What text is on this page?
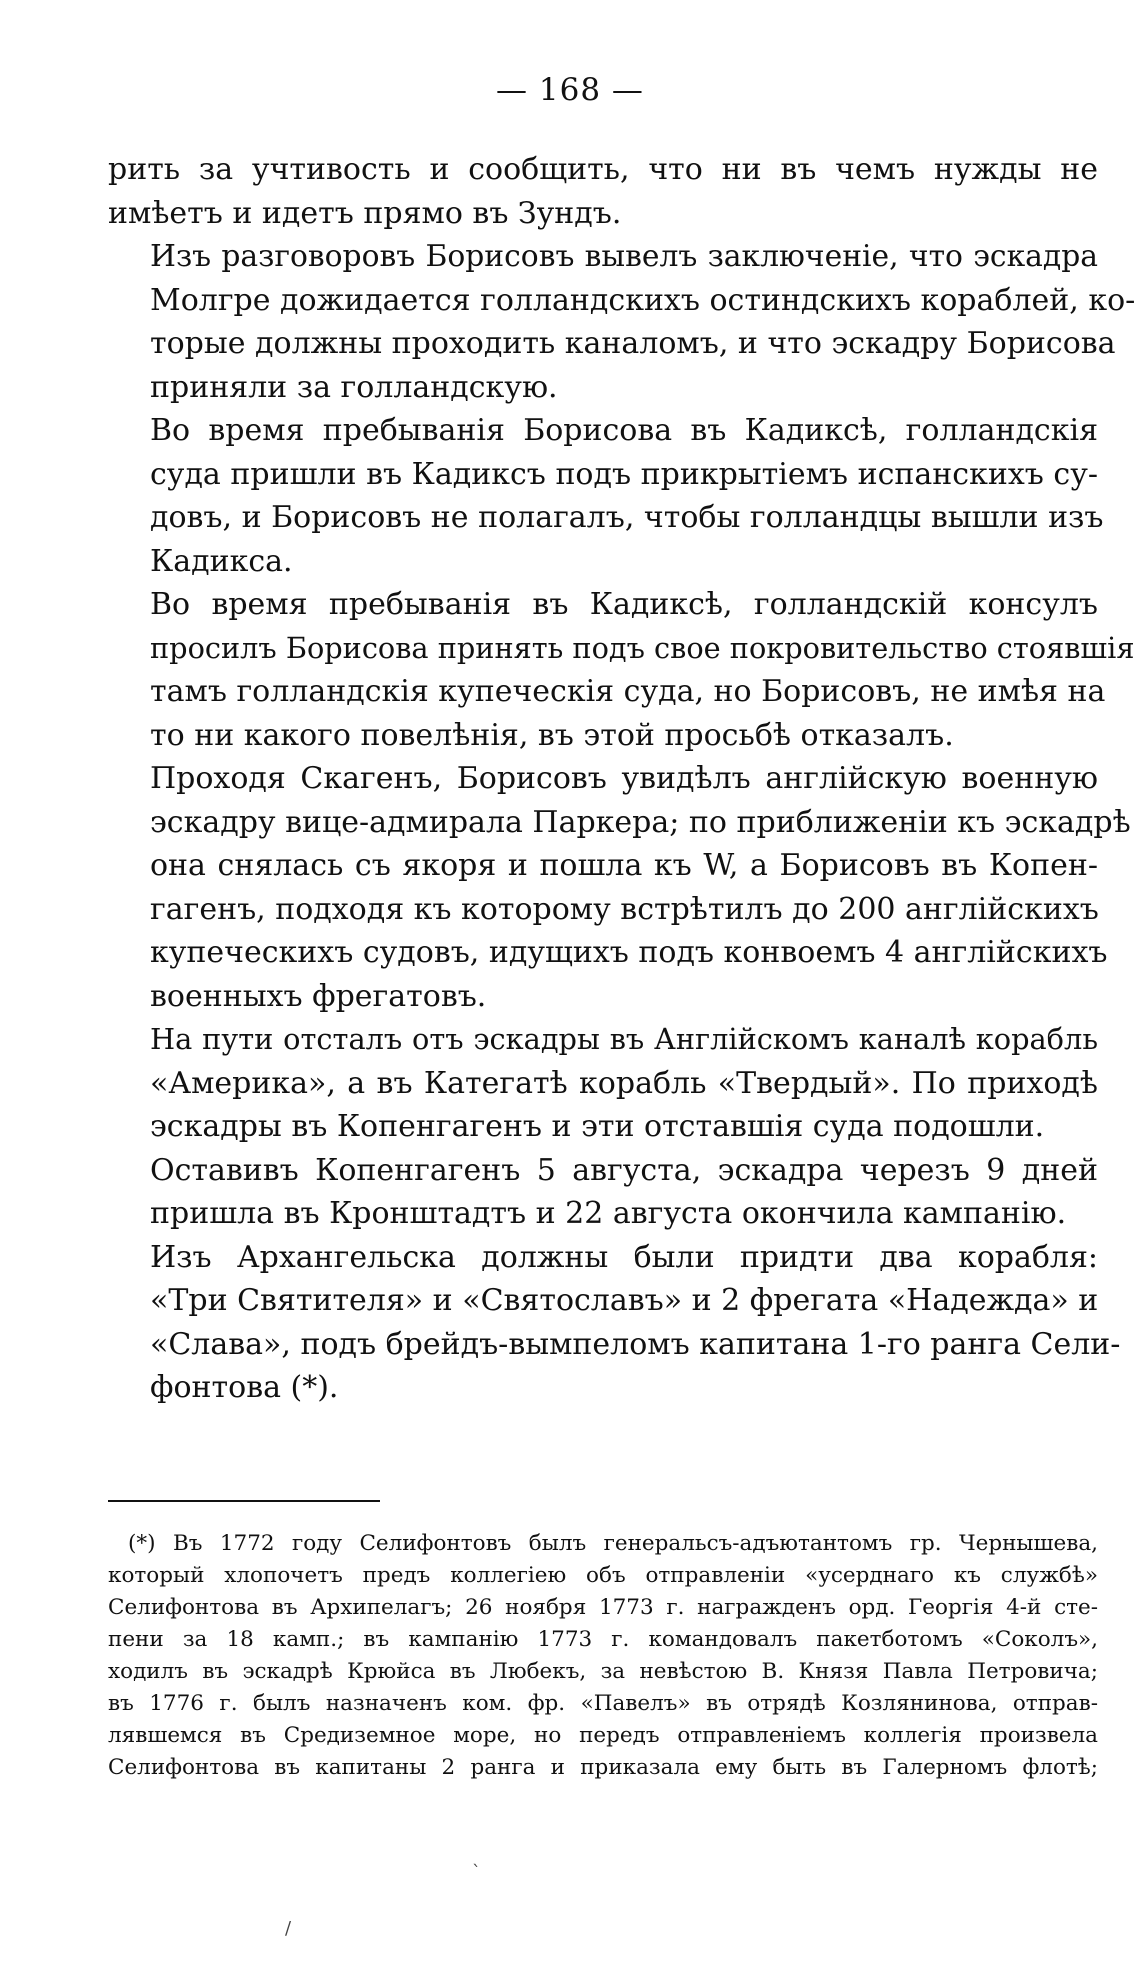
— 168 —

рить за учтивость и сообщить, что ни въ чемъ нужды не
имѣетъ и идетъ прямо въ Зундъ.

Изъ разговоровъ Борисовъ вывелъ заключеніе, что эскадра
Молгре дожидается голландскихъ остиндскихъ кораблей, ко-
торые должны проходить каналомъ, и что эскадру Борисова
приняли за голландскую.

Во время пребыванія Борисова въ Кадиксѣ, голландскія
суда пришли въ Кадиксъ подъ прикрытіемъ испанскихъ су-
довъ, и Борисовъ не полагалъ, чтобы голландцы вышли изъ
Кадикса.

Во время пребыванія въ Кадиксѣ, голландскій консулъ
просилъ Борисова принять подъ свое покровительство стоявшія
тамъ голландскія купеческія суда, но Борисовъ, не имѣя на
то ни какого повелѣнія, въ этой просьбѣ отказалъ.

Проходя Скагенъ, Борисовъ увидѣлъ англійскую военную
эскадру вице-адмирала Паркера; по приближеніи къ эскадрѣ
она снялась съ якоря и пошла къ W, а Борисовъ въ Копен-
гагенъ, подходя къ которому встрѣтилъ до 200 англійскихъ
купеческихъ судовъ, идущихъ подъ конвоемъ 4 англійскихъ
военныхъ фрегатовъ.

На пути отсталъ отъ эскадры въ Англійскомъ каналѣ корабль
«Америка», а въ Категатѣ корабль «Твердый». По приходѣ
эскадры въ Копенгагенъ и эти отставшія суда подошли.

Оставивъ Копенгагенъ 5 августа, эскадра черезъ 9 дней
пришла въ Кронштадтъ и 22 августа окончила кампанію.

Изъ Архангельска должны были придти два корабля:
«Три Святителя» и «Святославъ» и 2 фрегата «Надежда» и
«Слава», подъ брейдъ-вымпеломъ капитана 1-го ранга Сели-
фонтова (*).

(*) Въ 1772 году Селифонтовъ былъ генеральсъ-адъютантомъ гр. Чернышева,
который хлопочетъ предъ коллегіею объ отправленіи «усерднаго къ службѣ»
Селифонтова въ Архипелагъ; 26 ноября 1773 г. награжденъ орд. Георгія 4-й сте-
пени за 18 камп.; въ кампанію 1773 г. командовалъ пакетботомъ «Соколъ»,
ходилъ въ эскадрѣ Крюйса въ Любекъ, за невѣстою В. Князя Павла Петровича;
въ 1776 г. былъ назначенъ ком. фр. «Павелъ» въ отрядѣ Козлянинова, отправ-
лявшемся въ Средиземное море, но передъ отправленіемъ коллегія произвела
Селифонтова въ капитаны 2 ранга и приказала ему быть въ Галерномъ флотѣ;
`
/
